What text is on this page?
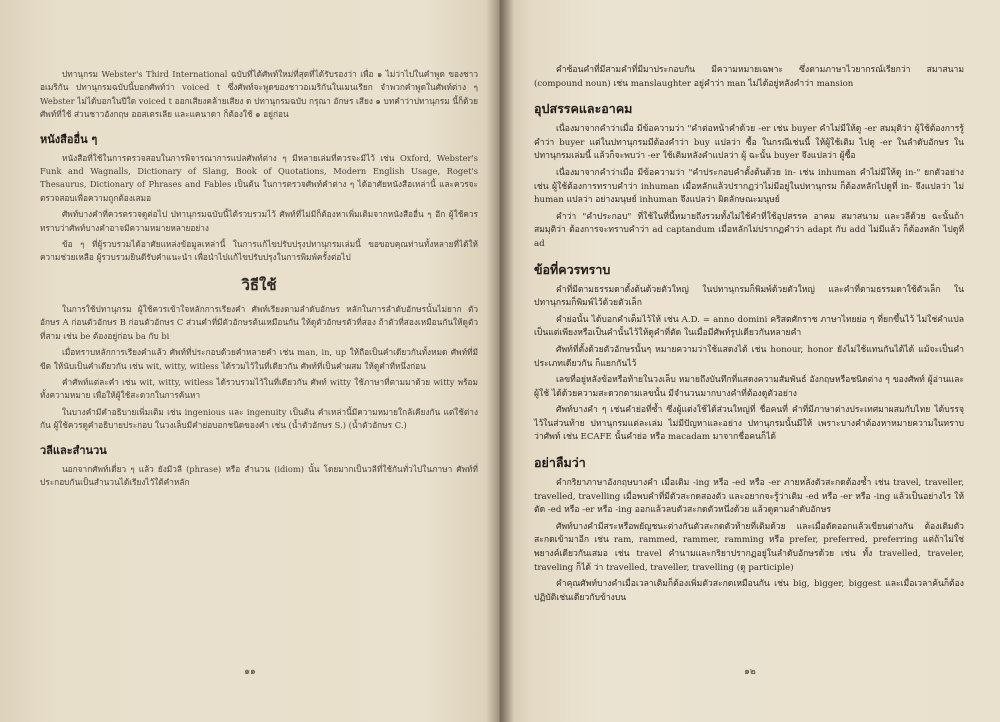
ปทานุกรม Webster's Third International ฉบับที่ได้ศัพท์ใหม่ที่สุดที่ได้รับรองว่า เพื่อ ๑ ไม่ว่าไปในคำพูด ของชาวอเมริกัน ปทานุกรมฉบับนี้บอกศัพท์ว่า voiced t ซึ่งศัพท์จะพูดของชาวอเมริกันในเมนเรียก จำพวกคำพูดในศัพท์ต่าง ๆ Webster ไม่ได้บอกในปีใด voiced t ออกเสียงคล้ายเสียง ด ปทานุกรมฉบับ กรุณา อักษร เสียง ๑ บทคำว่าปทานุกรม นี้ก็ด้วยศัพท์ที่ใช้ ส่วนชาวอังกฤษ ออสเตรเลีย และแคนาดา ก็ต้องใช้ ๑ อยู่ก่อน

หนังสืออื่น ๆ

หนังสือที่ใช้ในการตรวจสอบในการพิจารณาการแปลศัพท์ต่าง ๆ มีหลายเล่มที่ควรจะมีไว้ เช่น Oxford, Webster's Funk and Wagnalls, Dictionary of Slang, Book of Quotations, Modern English Usage, Roget's Thesaurus, Dictionary of Phrases and Fables เป็นต้น ในการตรวจศัพท์คำต่าง ๆ ได้อาศัยหนังสือเหล่านี้ และควรจะตรวจสอบเพื่อความถูกต้องเสมอ

ศัพท์บางคำที่ควรตรวจดูต่อไป ปทานุกรมฉบับนี้ได้รวบรวมไว้ ศัพท์ที่ไม่มีก็ต้องหาเพิ่มเติมจากหนังสืออื่น ๆ อีก ผู้ใช้ควรทราบว่าศัพท์บางคำอาจมีความหมายหลายอย่าง

ข้อ ๆ ที่ผู้รวบรวมได้อาศัยแหล่งข้อมูลเหล่านี้ ในการแก้ไขปรับปรุงปทานุกรมเล่มนี้ ขอขอบคุณท่านทั้งหลายที่ได้ให้ความช่วยเหลือ ผู้รวบรวมยินดีรับคำแนะนำ เพื่อนำไปแก้ไขปรับปรุงในการพิมพ์ครั้งต่อไป

วิธีใช้

ในการใช้ปทานุกรม ผู้ใช้ควรเข้าใจหลักการเรียงคำ ศัพท์เรียงตามลำดับอักษร หลักในการลำดับอักษรนั้นไม่ยาก ตัวอักษร A ก่อนตัวอักษร B ก่อนตัวอักษร C ส่วนคำที่มีตัวอักษรต้นเหมือนกัน ให้ดูตัวอักษรตัวที่สอง ถ้าตัวที่สองเหมือนกันให้ดูตัวที่สาม เช่น be ต้องอยู่ก่อน ba กับ bi

เมื่อทราบหลักการเรียงคำแล้ว ศัพท์ที่ประกอบด้วยคำหลายคำ เช่น man, in, up ให้ถือเป็นคำเดียวกันทั้งหมด ศัพท์ที่มีขีด ให้นับเป็นคำเดียวกัน เช่น wit, witty, witless ได้รวมไว้ในที่เดียวกัน ศัพท์ที่เป็นคำผสม ให้ดูคำที่หนึ่งก่อน

คำศัพท์แต่ละคำ เช่น wit, witty, witless ได้รวบรวมไว้ในที่เดียวกัน ศัพท์ witty ใช้ภาษาที่ตามมาด้วย witty พร้อมทั้งความหมาย เพื่อให้ผู้ใช้สะดวกในการค้นหา

ในบางคำมีคำอธิบายเพิ่มเติม เช่น ingenious และ ingenuity เป็นต้น คำเหล่านี้มีความหมายใกล้เคียงกัน แต่ใช้ต่างกัน ผู้ใช้ควรดูคำอธิบายประกอบ ในวงเล็บมีคำย่อบอกชนิดของคำ เช่น (น้ำตัวอักษร S.) (น้ำตัวอักษร C.)

วลีและสำนวน

นอกจากศัพท์เดี่ยว ๆ แล้ว ยังมีวลี (phrase) หรือ สำนวน (idiom) นั้น โดยมากเป็นวลีที่ใช้กันทั่วไปในภาษา ศัพท์ที่ประกอบกันเป็นสำนวนได้เรียงไว้ใต้คำหลัก

๑๑

คำซ้อนคำที่มีสามคำที่มีมาประกอบกัน มีความหมายเฉพาะ ซึ่งตามภาษาไวยากรณ์เรียกว่า สมาสนาม (compound noun) เช่น manslaughter อยู่คำว่า man ไม่ได้อยู่หลังคำว่า mansion

อุปสรรคและอาคม

เนื่องมาจากคำว่าเมื่อ มีข้อความว่า "คำต่อหน้าคำด้วย -er เช่น buyer คำไม่มีให้ดู -er สมมุติว่า ผู้ใช้ต้องการรู้คำว่า buyer แต่ในปทานุกรมมีต้องคำว่า buy แปลว่า ซื้อ ในกรณีเช่นนี้ ให้ผู้ใช้เติม ไปดู -er ในลำดับอักษร ในปทานุกรมเล่มนี้ แล้วก็จะพบว่า -er ใช้เติมหลังคำแปลว่า ผู้ ฉะนั้น buyer จึงแปลว่า ผู้ซื้อ

เนื่องมาจากคำว่าเมื่อ มีข้อความว่า "คำประกอบคำตั้งต้นด้วย in- เช่น inhuman คำไม่มีให้ดู in-" ยกตัวอย่าง เช่น ผู้ใช้ต้องการทราบคำว่า inhuman เมื่อหลักแล้วปรากฏว่าไม่มีอยู่ในปทานุกรม ก็ต้องหลักไปดูที่ in- จึงแปลว่า ไม่ human แปลว่า อย่างมนุษย์ inhuman จึงแปลว่า ผิดลักษณะมนุษย์

คำว่า "คำประกอบ" ที่ใช้ในที่นี้หมายถึงรวมทั้งไม่ใช้คำที่ใช้อุปสรรค อาคม สมาสนาม และวลีด้วย ฉะนั้นถ้า สมมุติว่า ต้องการจะทราบคำว่า ad captandum เมื่อหลักไม่ปรากฏคำว่า adapt กับ add ไม่มีแล้ว ก็ต้องหลัก ไปดูที่ ad

ข้อที่ควรทราบ

คำที่มีตามธรรมดาตั้งต้นด้วยตัวใหญ่ ในปทานุกรมก็พิมพ์ด้วยตัวใหญ่ และคำที่ตามธรรมดาใช้ตัวเล็ก ใน ปทานุกรมก็พิมพ์ไว้ด้วยตัวเล็ก

คำย่อนั้น ได้บอกคำเต็มไว้ให้ เช่น A.D. = anno domini คริสตศักราช ภาษาไทยย่อ ๆ ที่ยกขึ้นไว้ ไม่ใช่คำแปล เป็นแต่เพียงหรือเป็นคำนั้นไว้ให้ดูคำที่ตัด ในเมื่อมีศัพท์รูปเดียวกันหลายคำ

ศัพท์ที่ตั้งด้วยตัวอักษรนั้นๆ หมายความว่าใช้แสดงได้ เช่น honour, honor ยังไม่ใช้แทนกันได้ได้ แม้จะเป็นคำ ประเภทเดียวกัน ก็แยกกันไว้

เลขที่อยู่หลังข้อหรือท้ายในวงเล็บ หมายถึงบันทึกที่แสดงความสัมพันธ์ อังกฤษหรือชนิดต่าง ๆ ของศัพท์ ผู้อ่านและผู้ใช้ ได้ด้วยความสะดวกตามเลขนั้น มีจำนวนมากบางคำที่ต้องดูตัวอย่าง

ศัพท์บางคำ ๆ เช่นคำย่อที่ซ้ำ ซึ่งผู้แต่งใช้ได้ส่วนใหญ่ที่ ชื่อคนที่ คำที่มีภาษาต่างประเทศมาผสมกับไทย ได้บรรจุไว้ในส่วนท้าย ปทานุกรมแต่ละเล่ม ไม่มีปัญหาและอย่าง ปทานุกรมนั้นมีให้ เพราะบางคำต้องหาหมายความในทราบ ว่าศัพท์ เช่น ECAFE นั้นคำย่อ หรือ macadam มาจากชื่อคนก็ได้

อย่าลืมว่า

คำกริยาภาษาอังกฤษบางคำ เมื่อเติม -ing หรือ -ed หรือ -er ภายหลังตัวสะกดต้องซ้ำ เช่น travel, traveller, travelled, travelling เมื่อพบคำที่มีตัวสะกดสองตัว และอยากจะรู้ว่าเติม -ed หรือ -er หรือ -ing แล้วเป็นอย่างไร ให้ตัด -ed หรือ -er หรือ -ing ออกแล้วลบตัวสะกดตัวหนึ่งด้วย แล้วดูตามลำดับอักษร

ศัพท์บางคำมีสระหรือพยัญชนะต่างกันตัวสะกดตัวท้ายที่เติมด้วย และเมื่อตัดออกแล้วเขียนต่างกัน ต้องเติมตัวสะกดเข้ามาอีก เช่น ram, rammed, rammer, ramming หรือ prefer, preferred, preferring แต่ถ้าไม่ใช่พยางค์เดียวกันเสมอ เช่น travel คำนามและกริยาปรากฏอยู่ในลำดับอักษรด้วย เช่น ทั้ง travelled, traveler, traveling ก็ได้ ว่า travelled, traveller, travelling (ดู participle)

คำคุณศัพท์บางคำเมื่อเวลาเติมก็ต้องเพิ่มตัวสะกดเหมือนกัน เช่น big, bigger, biggest และเมื่อเวลาค้นก็ต้องปฏิบัติเช่นเดียวกับข้างบน

๑๒
